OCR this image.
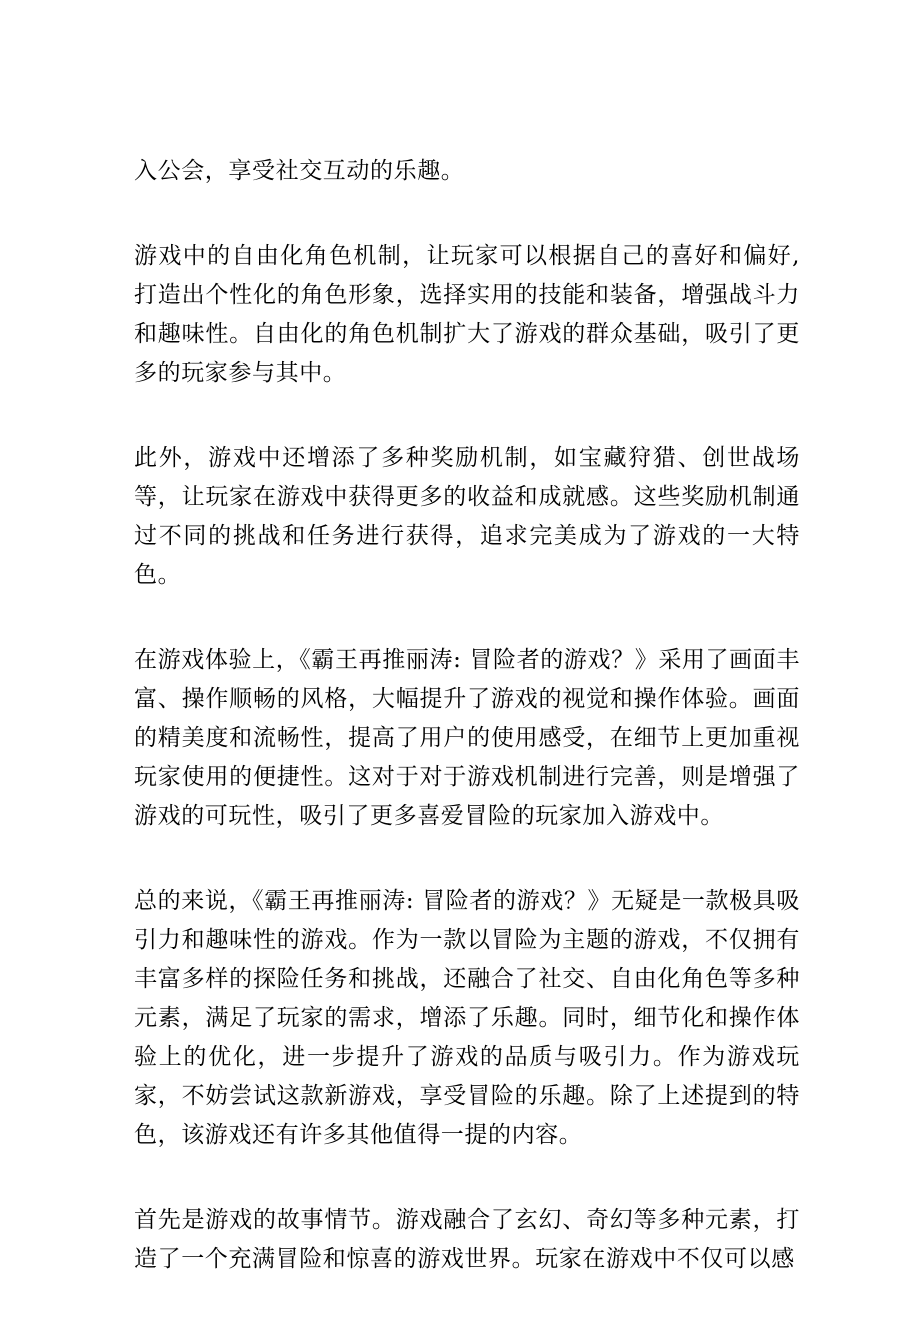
入公会，享受社交互动的乐趣。

游戏中的自由化角色机制，让玩家可以根据自己的喜好和偏好,打造出个性化的角色形象，选择实用的技能和装备，增强战斗力和趣味性。自由化的角色机制扩大了游戏的群众基础，吸引了更多的玩家参与其中。

此外，游戏中还增添了多种奖励机制，如宝藏狩猎、创世战场等，让玩家在游戏中获得更多的收益和成就感。这些奖励机制通过不同的挑战和任务进行获得，追求完美成为了游戏的一大特色。

在游戏体验上，《霸王再推丽涛: 冒险者的游戏？》采用了画面丰富、操作顺畅的风格，大幅提升了游戏的视觉和操作体验。画面的精美度和流畅性，提高了用户的使用感受，在细节上更加重视玩家使用的便捷性。这对于对于游戏机制进行完善，则是增强了游戏的可玩性，吸引了更多喜爱冒险的玩家加入游戏中。

总的来说，《霸王再推丽涛: 冒险者的游戏？》无疑是一款极具吸引力和趣味性的游戏。作为一款以冒险为主题的游戏，不仅拥有丰富多样的探险任务和挑战，还融合了社交、自由化角色等多种元素，满足了玩家的需求，增添了乐趣。同时，细节化和操作体验上的优化，进一步提升了游戏的品质与吸引力。作为游戏玩家，不妨尝试这款新游戏，享受冒险的乐趣。除了上述提到的特色，该游戏还有许多其他值得一提的内容。

首先是游戏的故事情节。游戏融合了玄幻、奇幻等多种元素，打造了一个充满冒险和惊喜的游戏世界。玩家在游戏中不仅可以感
